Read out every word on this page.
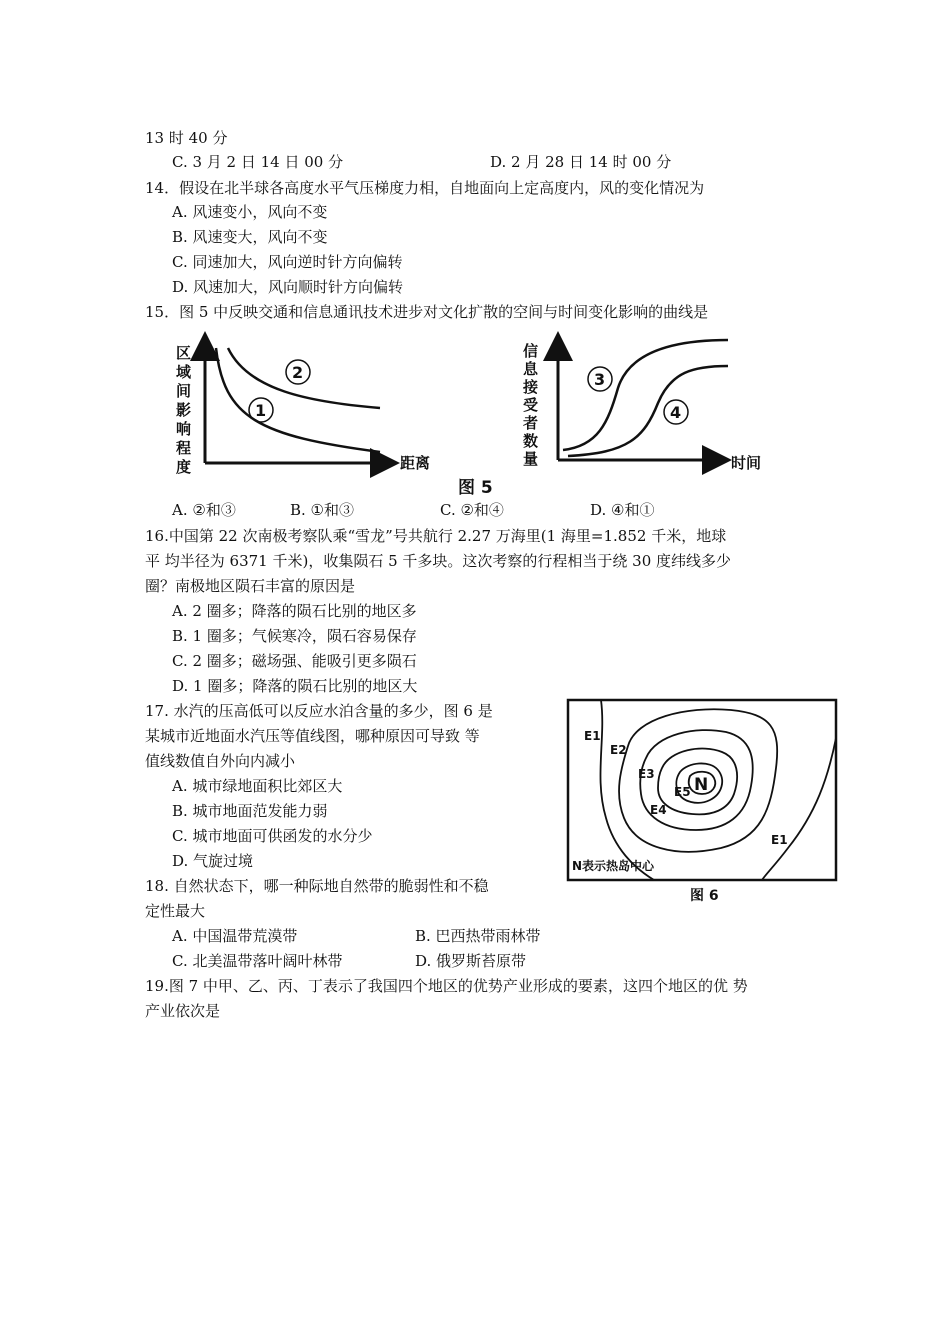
13 时 40 分
C. 3 月 2 日 14 日 00 分	D. 2 月 28 日 14 时 00 分
14．假设在北半球各高度水平气压梯度力相，自地面向上定高度内，风的变化情况为
A. 风速变小，风向不变
B. 风速变大，风向不变
C. 同速加大，风向逆时针方向偏转
D. 风速加大，风向顺时针方向偏转
15．图 5 中反映交通和信息通讯技术进步对文化扩散的空间与时间变化影响的曲线是
区
域
间
影
响
程
度	距离
1
2
信
息
接
受
者
数
量	时间
3
4
图 5
A. ②和③	B. ①和③	C. ②和④	D. ④和①
16.中国第 22 次南极考察队乘“雪龙”号共航行 2.27 万海里(1 海里=1.852 千米，地球
平 均半径为 6371 千米)，收集陨石 5 千多块。这次考察的行程相当于绕 30 度纬线多少
圈？南极地区陨石丰富的原因是
A. 2 圈多；降落的陨石比别的地区多
B. 1 圈多；气候寒冷，陨石容易保存
C. 2 圈多；磁场强、能吸引更多陨石
D. 1 圈多；降落的陨石比别的地区大
17. 水汽的压高低可以反应水泊含量的多少，图 6 是
某城市近地面水汽压等值线图，哪种原因可导致 等
值线数值自外向内减小
A. 城市绿地面积比郊区大
B. 城市地面范发能力弱
C. 城市地面可供函发的水分少
D. 气旋过境
N
E1
E2
E3
E4
E5
E1
N表示热岛中心
图 6
18. 自然状态下，哪一种际地自然带的脆弱性和不稳
定性最大
A. 中国温带荒漠带	B. 巴西热带雨林带
C. 北美温带落叶阔叶林带	D. 俄罗斯苔原带
19.图 7 中甲、乙、丙、丁表示了我国四个地区的优势产业形成的要素，这四个地区的优 势
产业依次是
